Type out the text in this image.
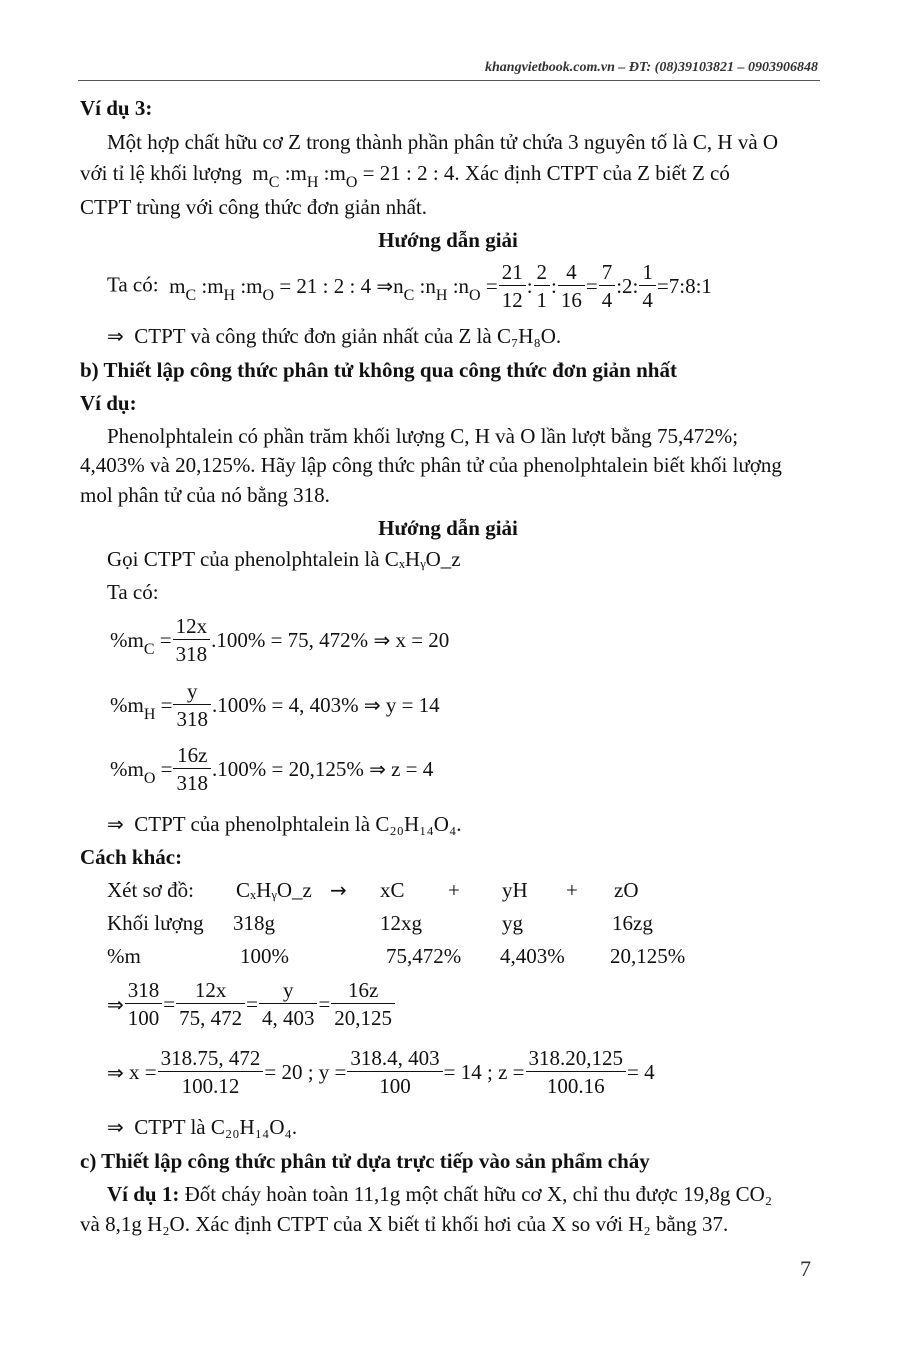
khangvietbook.com.vn – ĐT: (08)39103821 – 0903906848
Ví dụ 3:
Một hợp chất hữu cơ Z trong thành phần phân tử chứa 3 nguyên tố là C, H và O
với tỉ lệ khối lượng $m_C$ $:m_H$ $:m_O = 21$ : 2 : 4. Xác định CTPT của Z biết Z có
CTPT trùng với công thức đơn giản nhất.
Hướng dẫn giải
Ta có: $m_C$ $:m_H$ $:m_O = 21$ : 2 : 4 $\Rightarrow n_C$ $:n_H$ $:n_O = \frac{21}{12}$ : $\frac{2}{1}$ : $\frac{4}{16} = \frac{7}{4}$ :2: $\frac{1}{4}$ =7:8:1
⇒ CTPT và công thức đơn giản nhất của Z là C₇H₈O.
b) Thiết lập công thức phân tử không qua công thức đơn giản nhất
Ví dụ:
Phenolphtalein có phần trăm khối lượng C, H và O lần lượt bằng 75,472%;
4,403% và 20,125%. Hãy lập công thức phân tử của phenolphtalein biết khối lượng
mol phân tử của nó bằng 318.
Hướng dẫn giải
Gọi CTPT của phenolphtalein là CₓHᵧO_z
Ta có:
$\%m_C = \frac{12x}{318} .100\% = 75$, 472% ⇒ x = 20
$\%m_H = \frac{y}{318} .100\% = 4$, 403% ⇒ y = 14
$\%m_O = \frac{16z}{318} .100\% = 20,125\%$ ⇒ z = 4
⇒ CTPT của phenolphtalein là C₂₀H₁₄O₄.
Cách khác:
Xét sơ đồ: CₓHᵧO_z → xC + yH + zO
Khối lượng 318g	12xg	yg	16zg
%m	100%	75,472% 4,403% 20,125%
⇒ $\frac{318}{100} = \frac{12x}{75, 472} = \frac{y}{4, 403} = \frac{16z}{20,125}$
⇒ $x = \frac{318.75, 472}{100.12} = 20$ ; $y = \frac{318.4, 403}{100} = 14$ ; $z = \frac{318.20,125}{100.16} = 4$
⇒ CTPT là C₂₀H₁₄O₄.
c) Thiết lập công thức phân tử dựa trực tiếp vào sản phẩm cháy
Ví dụ 1: Đốt cháy hoàn toàn 11,1g một chất hữu cơ X, chỉ thu được 19,8g CO₂
và 8,1g H₂O. Xác định CTPT của X biết tỉ khối hơi của X so với H₂ bằng 37.
7
